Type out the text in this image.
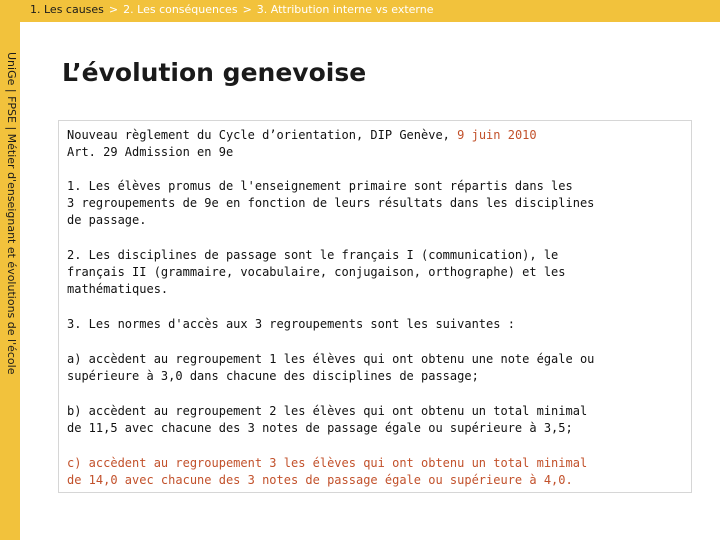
1. Les causes > 2. Les conséquences > 3. Attribution interne vs externe
UniGe | FPSE | Métier d'enseignant et évolutions de l'école L’évolution genevoise
Nouveau règlement du Cycle d’orientation, DIP Genève, 9 juin 2010
Art. 29 Admission en 9e
1. Les élèves promus de l'enseignement primaire sont répartis dans les
3 regroupements de 9e en fonction de leurs résultats dans les disciplines
de passage.
2. Les disciplines de passage sont le français I (communication), le
français II (grammaire, vocabulaire, conjugaison, orthographe) et les
mathématiques.
3. Les normes d'accès aux 3 regroupements sont les suivantes :
a) accèdent au regroupement 1 les élèves qui ont obtenu une note égale ou
supérieure à 3,0 dans chacune des disciplines de passage;
b) accèdent au regroupement 2 les élèves qui ont obtenu un total minimal
de 11,5 avec chacune des 3 notes de passage égale ou supérieure à 3,5;
c) accèdent au regroupement 3 les élèves qui ont obtenu un total minimal
de 14,0 avec chacune des 3 notes de passage égale ou supérieure à 4,0.
